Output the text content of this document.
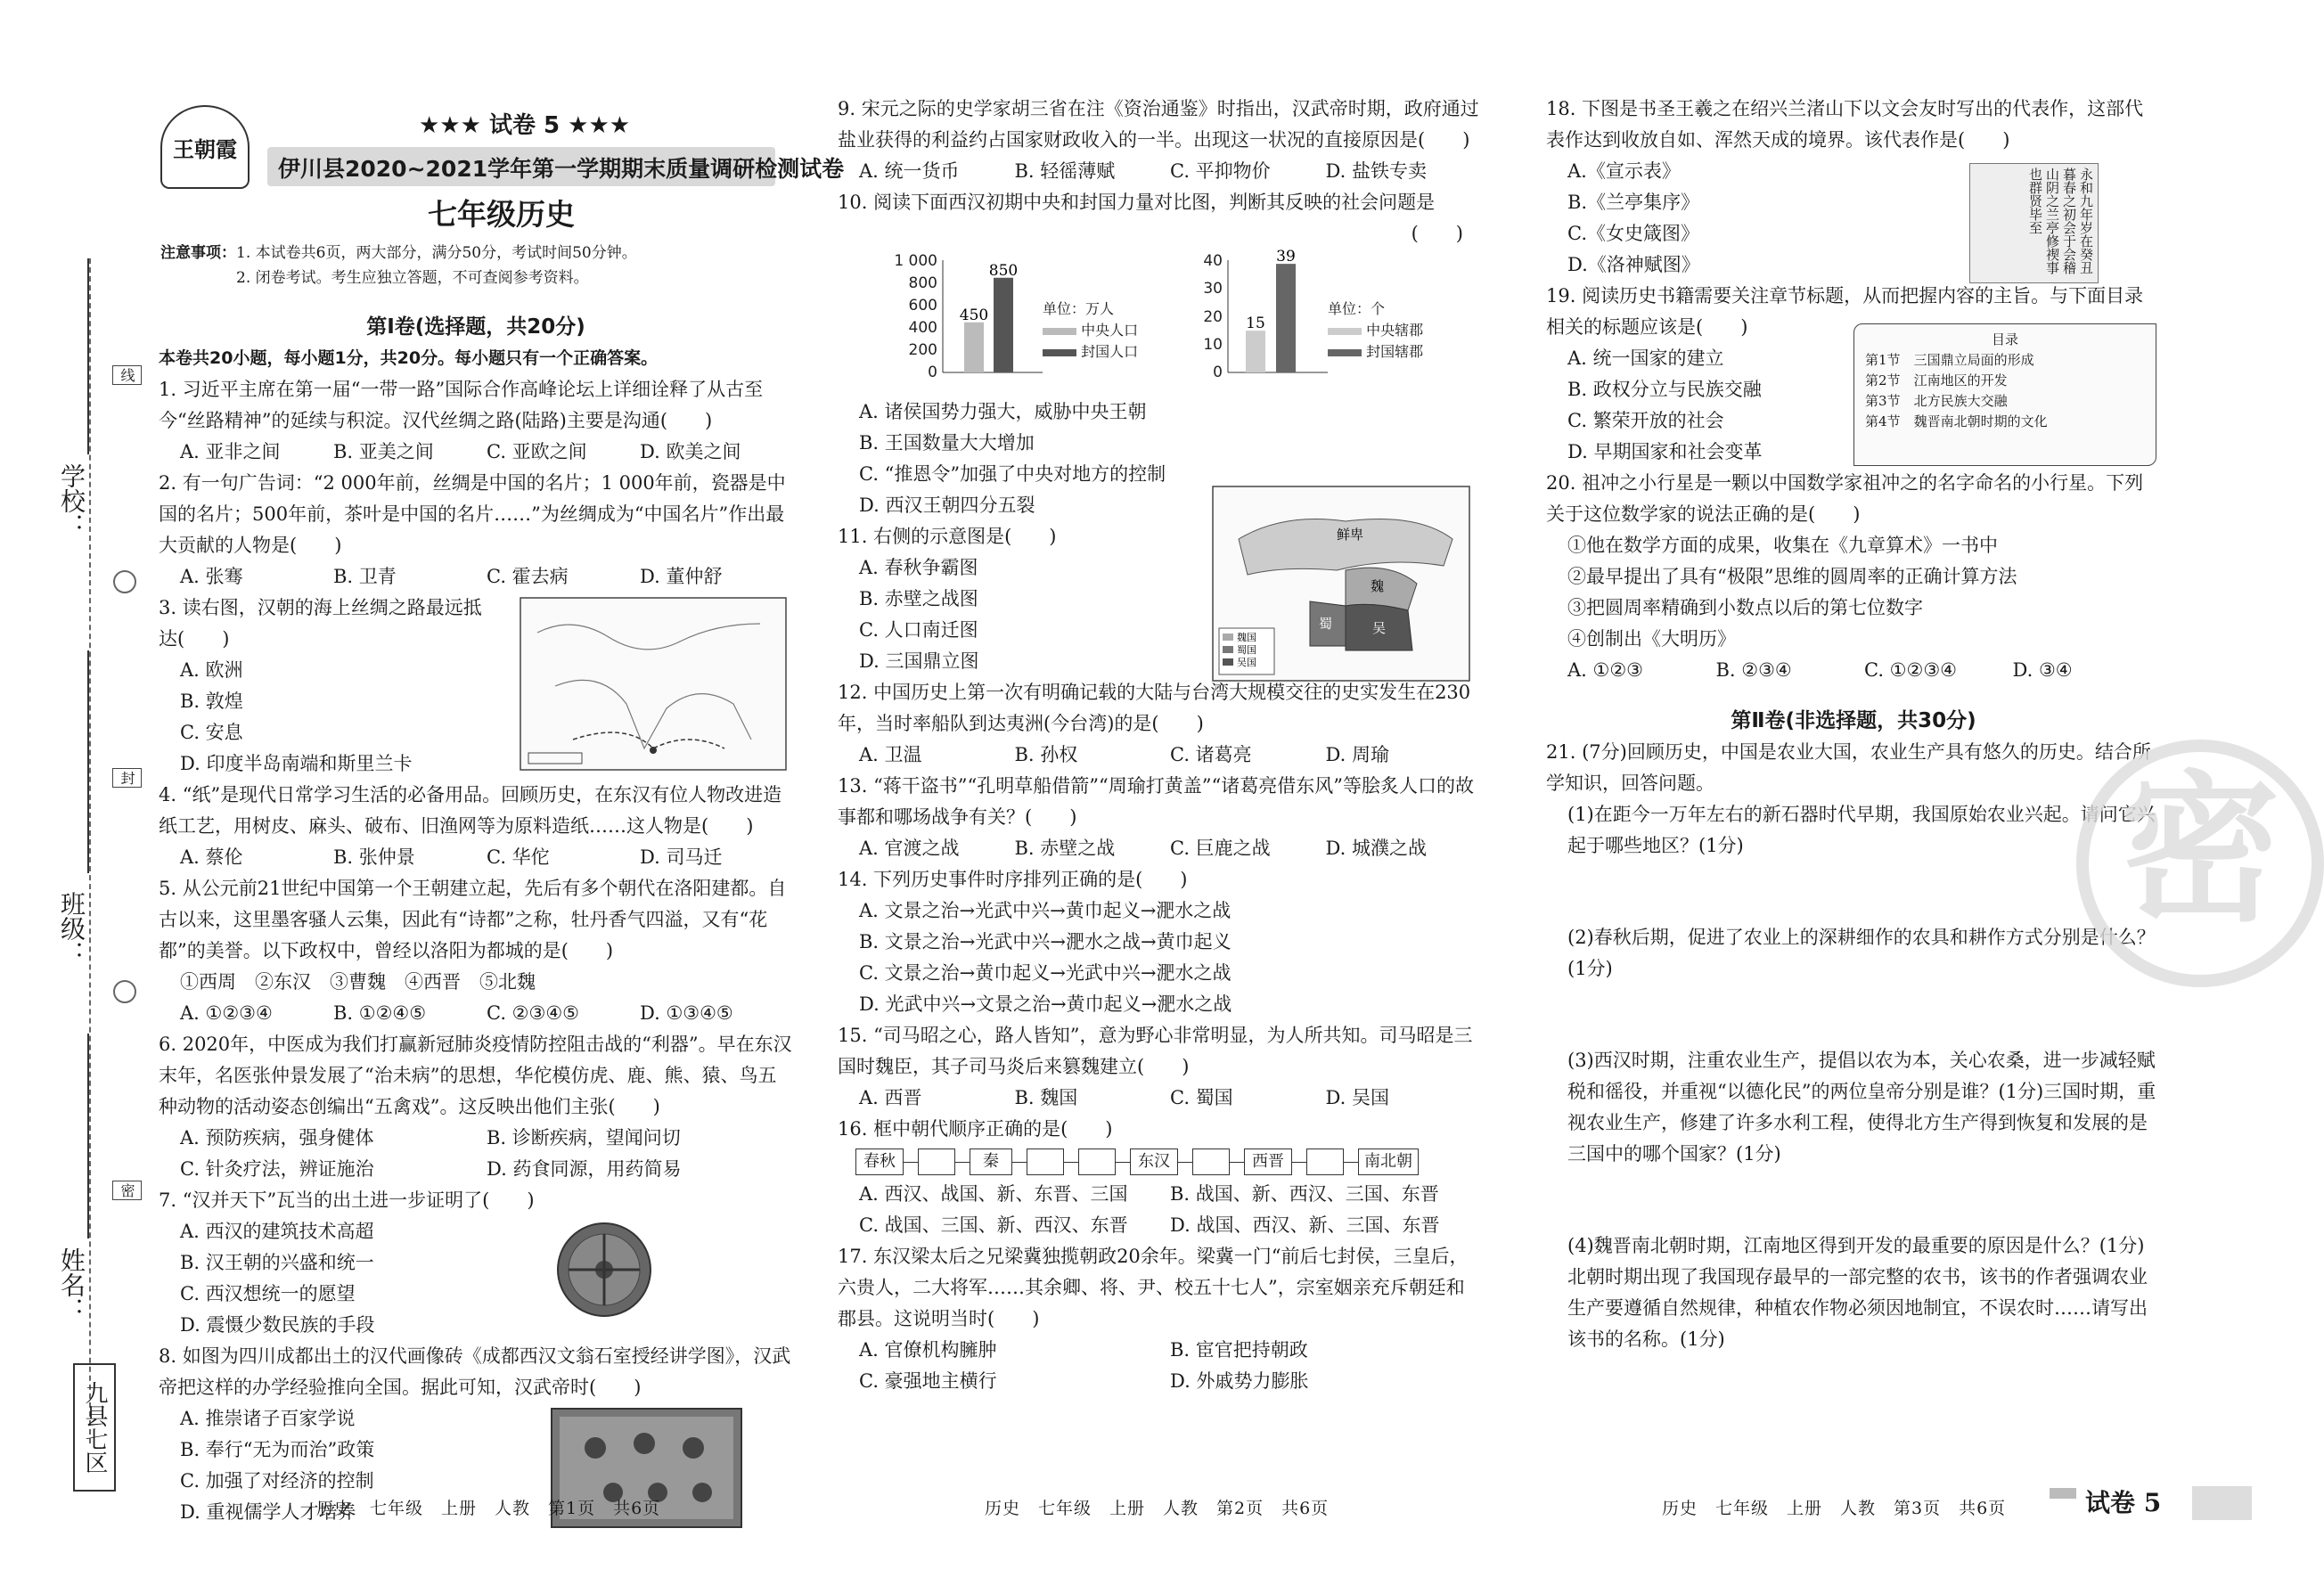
线
封
密
学校：
班级：
姓名：
九县七区
王朝霞
★★★ 试卷 5 ★★★
伊川县2020~2021学年第一学期期末质量调研检测试卷
七年级历史
注意事项：1. 本试卷共6页，两大部分，满分50分，考试时间50分钟。
2. 闭卷考试。考生应独立答题，不可查阅参考资料。

第Ⅰ卷(选择题，共20分)

本卷共20小题，每小题1分，共20分。每小题只有一个正确答案。

1. 习近平主席在第一届“一带一路”国际合作高峰论坛上详细诠释了从古至今“丝路精神”的延续与积淀。汉代丝绸之路(陆路)主要是沟通(　　)

A. 亚非之间	B. 亚美之间	C. 亚欧之间	D. 欧美之间

2. 有一句广告词：“2 000年前，丝绸是中国的名片；1 000年前，瓷器是中国的名片；500年前，茶叶是中国的名片……”为丝绸成为“中国名片”作出最大贡献的人物是(　　)

A. 张骞	B. 卫青	C. 霍去病	D. 董仲舒

3. 读右图，汉朝的海上丝绸之路最远抵达(　　)

A. 欧洲
B. 敦煌
C. 安息
D. 印度半岛南端和斯里兰卡

4. “纸”是现代日常学习生活的必备用品。回顾历史，在东汉有位人物改进造纸工艺，用树皮、麻头、破布、旧渔网等为原料造纸……这人物是(　　)

A. 蔡伦	B. 张仲景	C. 华佗	D. 司马迁

5. 从公元前21世纪中国第一个王朝建立起，先后有多个朝代在洛阳建都。自古以来，这里墨客骚人云集，因此有“诗都”之称，牡丹香气四溢，又有“花都”的美誉。以下政权中，曾经以洛阳为都城的是(　　)

①西周　②东汉　③曹魏　④西晋　⑤北魏

A. ①②③④	B. ①②④⑤	C. ②③④⑤	D. ①③④⑤

6. 2020年，中医成为我们打赢新冠肺炎疫情防控阻击战的“利器”。早在东汉末年，名医张仲景发展了“治未病”的思想，华佗模仿虎、鹿、熊、猿、鸟五种动物的活动姿态创编出“五禽戏”。这反映出他们主张(　　)

A. 预防疾病，强身健体	B. 诊断疾病，望闻问切
C. 针灸疗法，辨证施治	D. 药食同源，用药简易

7. “汉并天下”瓦当的出土进一步证明了(　　)

A. 西汉的建筑技术高超
B. 汉王朝的兴盛和统一
C. 西汉想统一的愿望
D. 震慑少数民族的手段

8. 如图为四川成都出土的汉代画像砖《成都西汉文翁石室授经讲学图》，汉武帝把这样的办学经验推向全国。据此可知，汉武帝时(　　)

A. 推崇诸子百家学说
B. 奉行“无为而治”政策
C. 加强了对经济的控制
D. 重视儒学人才培养
历史　七年级　上册　人教　第1页　共6页

9. 宋元之际的史学家胡三省在注《资治通鉴》时指出，汉武帝时期，政府通过盐业获得的利益约占国家财政收入的一半。出现这一状况的直接原因是(　　)

A. 统一货币	B. 轻徭薄赋	C. 平抑物价	D. 盐铁专卖

10. 阅读下面西汉初期中央和封国力量对比图，判断其反映的社会问题是

(　　)

1 000
800
600
400
200
0
450
850
单位：万人
中央人口
封国人口
40
30
20
10
0
15
39
单位：个
中央辖郡
封国辖郡
A. 诸侯国势力强大，威胁中央王朝
B. 王国数量大大增加
C. “推恩令”加强了中央对地方的控制
D. 西汉王朝四分五裂

11. 右侧的示意图是(　　)

A. 春秋争霸图
B. 赤壁之战图
C. 人口南迁图
D. 三国鼎立图
鲜卑
魏
蜀	吴
魏国
蜀国
吴国

12. 中国历史上第一次有明确记载的大陆与台湾大规模交往的史实发生在230年，当时率船队到达夷洲(今台湾)的是(　　)

A. 卫温	B. 孙权	C. 诸葛亮	D. 周瑜

13. “蒋干盗书”“孔明草船借箭”“周瑜打黄盖”“诸葛亮借东风”等脍炙人口的故事都和哪场战争有关？(　　)

A. 官渡之战	B. 赤壁之战	C. 巨鹿之战	D. 城濮之战

14. 下列历史事件时序排列正确的是(　　)

A. 文景之治→光武中兴→黄巾起义→淝水之战
B. 文景之治→光武中兴→淝水之战→黄巾起义
C. 文景之治→黄巾起义→光武中兴→淝水之战
D. 光武中兴→文景之治→黄巾起义→淝水之战

15. “司马昭之心，路人皆知”，意为野心非常明显，为人所共知。司马昭是三国时魏臣，其子司马炎后来篡魏建立(　　)

A. 西晋	B. 魏国	C. 蜀国	D. 吴国

16. 框中朝代顺序正确的是(　　)

春秋	秦	东汉	西晋	南北朝
A. 西汉、战国、新、东晋、三国	B. 战国、新、西汉、三国、东晋
C. 战国、三国、新、西汉、东晋	D. 战国、西汉、新、三国、东晋

17. 东汉梁太后之兄梁冀独揽朝政20余年。梁冀一门“前后七封侯，三皇后，六贵人，二大将军……其余卿、将、尹、校五十七人”，宗室姻亲充斥朝廷和郡县。这说明当时(　　)

A. 官僚机构臃肿	B. 宦官把持朝政
C. 豪强地主横行	D. 外戚势力膨胀
历史　七年级　上册　人教　第2页　共6页

18. 下图是书圣王羲之在绍兴兰渚山下以文会友时写出的代表作，这部代表作达到收放自如、浑然天成的境界。该代表作是(　　)

A.《宣示表》
B.《兰亭集序》
C.《女史箴图》
D.《洛神赋图》	永和九年岁在癸丑暮春之初会于会稽山阴之兰亭修禊事也群贤毕至

19. 阅读历史书籍需要关注章节标题，从而把握内容的主旨。与下面目录相关的标题应该是(　　)

A. 统一国家的建立
B. 政权分立与民族交融
C. 繁荣开放的社会
D. 早期国家和社会变革
目录
第1节　 三国鼎立局面的形成
第2节　 江南地区的开发
第3节　 北方民族大交融
第4节　 魏晋南北朝时期的文化

20. 祖冲之小行星是一颗以中国数学家祖冲之的名字命名的小行星。下列关于这位数学家的说法正确的是(　　)

①他在数学方面的成果，收集在《九章算术》一书中
②最早提出了具有“极限”思维的圆周率的正确计算方法
③把圆周率精确到小数点以后的第七位数字
④创制出《大明历》
A. ①②③	B. ②③④	C. ①②③④	D. ③④

第Ⅱ卷(非选择题，共30分)

21. (7分)回顾历史，中国是农业大国，农业生产具有悠久的历史。结合所学知识，回答问题。

(1)在距今一万年左右的新石器时代早期，我国原始农业兴起。请问它兴起于哪些地区？(1分)

(2)春秋后期，促进了农业上的深耕细作的农具和耕作方式分别是什么？(1分)

(3)西汉时期，注重农业生产，提倡以农为本，关心农桑，进一步减轻赋税和徭役，并重视“以德化民”的两位皇帝分别是谁？(1分)三国时期，重视农业生产，修建了许多水利工程，使得北方生产得到恢复和发展的是三国中的哪个国家？(1分)

(4)魏晋南北朝时期，江南地区得到开发的最重要的原因是什么？(1分)北朝时期出现了我国现存最早的一部完整的农书，该书的作者强调农业生产要遵循自然规律，种植农作物必须因地制宜，不误农时……请写出该书的名称。(1分)

密
历史　七年级　上册　人教　第3页　共6页	试卷 5
